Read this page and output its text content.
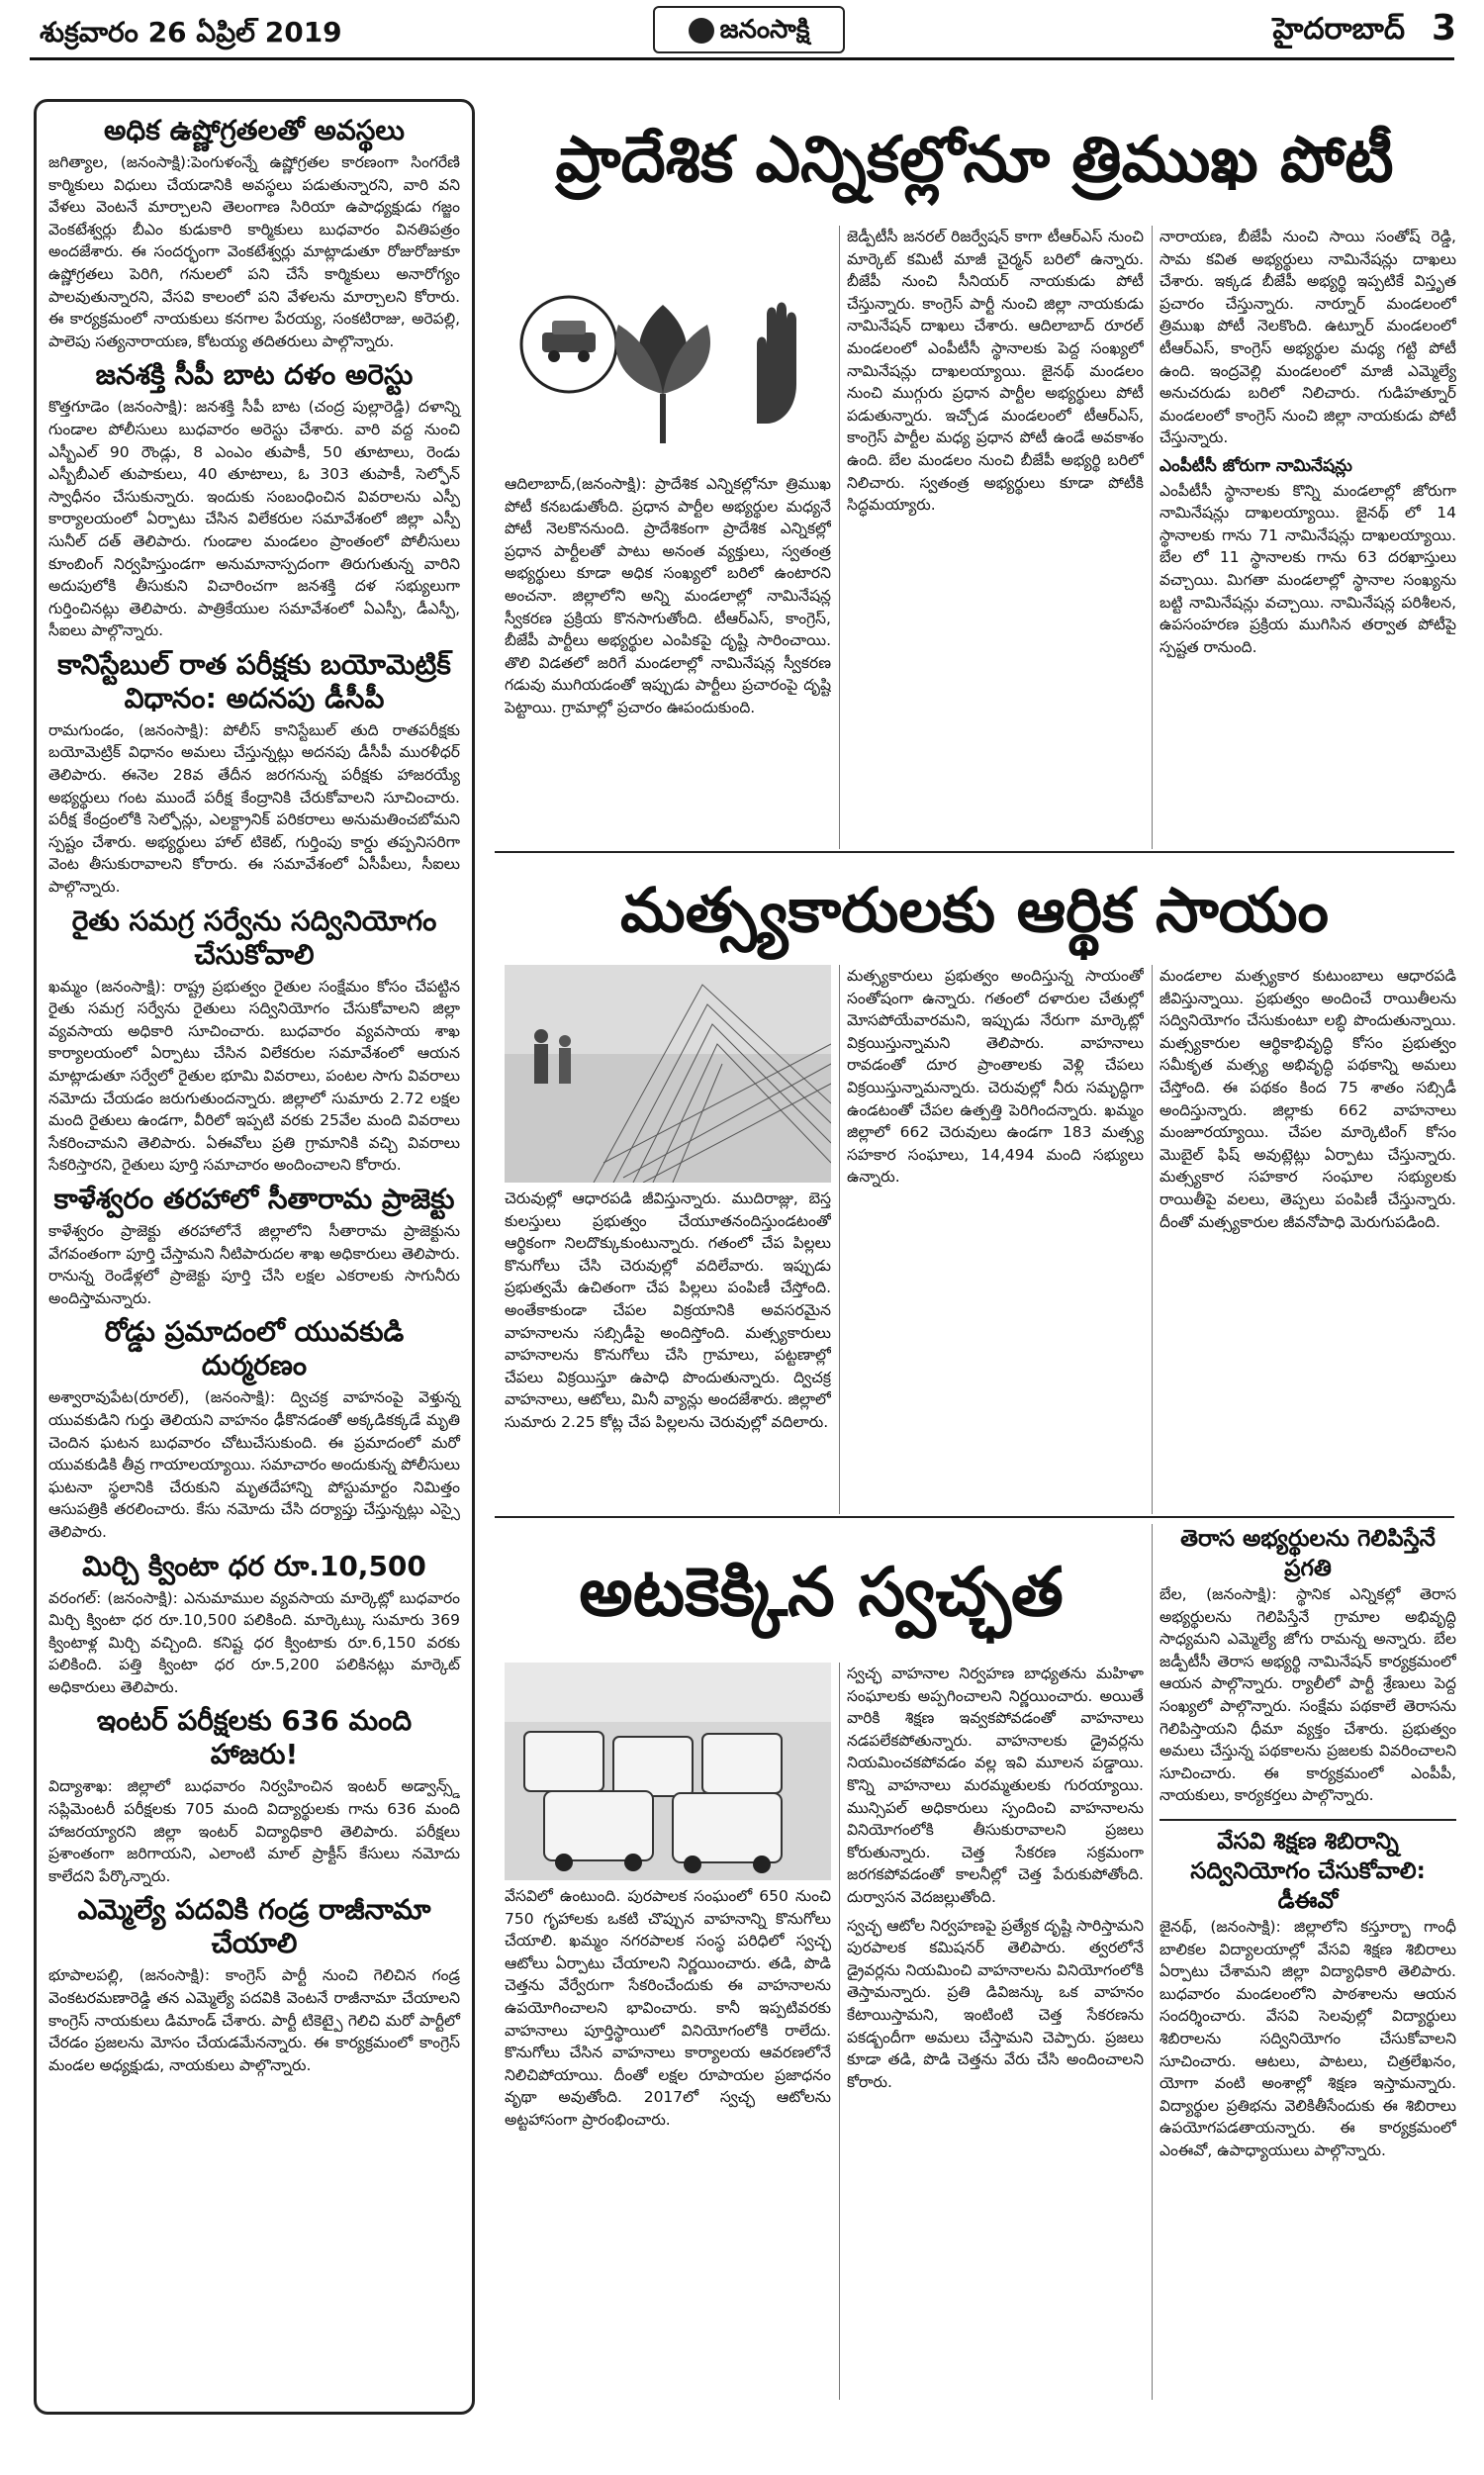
శుక్రవారం 26 ఏప్రిల్ 2019	జనంసాక్షి	హైదరాబాద్ 3
అధిక ఉష్ణోగ్రతలతో అవస్థలు

జగిత్యాల, (జనంసాక్షి):పెంగుళంన్నే ఉష్ణోగ్రతల కారణంగా సింగరేణి కార్మికులు విధులు చేయడానికి అవస్థలు పడుతున్నారని, వారి వని వేళలు వెంటనే మార్చాలని తెలంగాణ సిరియా ఉపాధ్యక్షుడు గజ్జం వెంకటేశ్వర్లు బీఎం కుడుకారి కార్మికులు బుధవారం వినతిపత్రం అందజేశారు. ఈ సందర్భంగా వెంకటేశ్వర్లు మాట్లాడుతూ రోజురోజుకూ ఉష్ణోగ్రతలు పెరిగి, గనులలో పని చేసే కార్మికులు అనారోగ్యం పాలవుతున్నారని, వేసవి కాలంలో పని వేళలను మార్చాలని కోరారు. ఈ కార్యక్రమంలో నాయకులు కనగాల పేరయ్య, సంకటిరాజు, అరెపల్లి, పాలెపు సత్యనారాయణ, కోటయ్య తదితరులు పాల్గొన్నారు.

జనశక్తి సీపీ బాట దళం అరెస్టు

కొత్తగూడెం (జనంసాక్షి): జనశక్తి సీపీ బాట (చంద్ర పుల్లారెడ్డి) దళాన్ని గుండాల పోలీసులు బుధవారం అరెస్టు చేశారు. వారి వద్ద నుంచి ఎస్బీఎల్ 90 రౌండ్లు, 8 ఎంఎం తుపాకీ, 50 తూటాలు, రెండు ఎస్బీబీఎల్ తుపాకులు, 40 తూటాలు, ఓ 303 తుపాకీ, సెల్ఫోన్ స్వాధీనం చేసుకున్నారు. ఇందుకు సంబంధించిన వివరాలను ఎస్పీ కార్యాలయంలో ఏర్పాటు చేసిన విలేకరుల సమావేశంలో జిల్లా ఎస్పీ సునీల్ దత్ తెలిపారు. గుండాల మండలం ప్రాంతంలో పోలీసులు కూంబింగ్ నిర్వహిస్తుండగా అనుమానాస్పదంగా తిరుగుతున్న వారిని అదుపులోకి తీసుకుని విచారించగా జనశక్తి దళ సభ్యులుగా గుర్తించినట్లు తెలిపారు. పాత్రికేయుల సమావేశంలో ఏఎస్పీ, డీఎస్పీ, సీఐలు పాల్గొన్నారు.

కానిస్టేబుల్ రాత పరీక్షకు బయోమెట్రిక్ విధానం: అదనపు డీసీపీ

రామగుండం, (జనంసాక్షి): పోలీస్ కానిస్టేబుల్ తుది రాతపరీక్షకు బయోమెట్రిక్ విధానం అమలు చేస్తున్నట్లు అదనపు డీసీపీ మురళీధర్ తెలిపారు. ఈనెల 28వ తేదీన జరగనున్న పరీక్షకు హాజరయ్యే అభ్యర్థులు గంట ముందే పరీక్ష కేంద్రానికి చేరుకోవాలని సూచించారు. పరీక్ష కేంద్రంలోకి సెల్ఫోన్లు, ఎలక్ట్రానిక్ పరికరాలు అనుమతించబోమని స్పష్టం చేశారు. అభ్యర్థులు హాల్ టికెట్, గుర్తింపు కార్డు తప్పనిసరిగా వెంట తీసుకురావాలని కోరారు. ఈ సమావేశంలో ఏసీపీలు, సీఐలు పాల్గొన్నారు.

రైతు సమగ్ర సర్వేను సద్వినియోగం చేసుకోవాలి

ఖమ్మం (జనంసాక్షి): రాష్ట్ర ప్రభుత్వం రైతుల సంక్షేమం కోసం చేపట్టిన రైతు సమగ్ర సర్వేను రైతులు సద్వినియోగం చేసుకోవాలని జిల్లా వ్యవసాయ అధికారి సూచించారు. బుధవారం వ్యవసాయ శాఖ కార్యాలయంలో ఏర్పాటు చేసిన విలేకరుల సమావేశంలో ఆయన మాట్లాడుతూ సర్వేలో రైతుల భూమి వివరాలు, పంటల సాగు వివరాలు నమోదు చేయడం జరుగుతుందన్నారు. జిల్లాలో సుమారు 2.72 లక్షల మంది రైతులు ఉండగా, వీరిలో ఇప్పటి వరకు 25వేల మంది వివరాలు సేకరించామని తెలిపారు. ఏఈవోలు ప్రతి గ్రామానికి వచ్చి వివరాలు సేకరిస్తారని, రైతులు పూర్తి సమాచారం అందించాలని కోరారు.

కాళేశ్వరం తరహాలో సీతారామ ప్రాజెక్టు

కాళేశ్వరం ప్రాజెక్టు తరహాలోనే జిల్లాలోని సీతారామ ప్రాజెక్టును వేగవంతంగా పూర్తి చేస్తామని నీటిపారుదల శాఖ అధికారులు తెలిపారు. రానున్న రెండేళ్లలో ప్రాజెక్టు పూర్తి చేసి లక్షల ఎకరాలకు సాగునీరు అందిస్తామన్నారు.

రోడ్డు ప్రమాదంలో యువకుడి దుర్మరణం

అశ్వారావుపేట(రూరల్), (జనంసాక్షి): ద్విచక్ర వాహనంపై వెళ్తున్న యువకుడిని గుర్తు తెలియని వాహనం ఢీకొనడంతో అక్కడికక్కడే మృతి చెందిన ఘటన బుధవారం చోటుచేసుకుంది. ఈ ప్రమాదంలో మరో యువకుడికి తీవ్ర గాయాలయ్యాయి. సమాచారం అందుకున్న పోలీసులు ఘటనా స్థలానికి చేరుకుని మృతదేహాన్ని పోస్టుమార్టం నిమిత్తం ఆసుపత్రికి తరలించారు. కేసు నమోదు చేసి దర్యాప్తు చేస్తున్నట్లు ఎస్సై తెలిపారు.

మిర్చి క్వింటా ధర రూ.10,500

వరంగల్: (జనంసాక్షి): ఎనుమాముల వ్యవసాయ మార్కెట్లో బుధవారం మిర్చి క్వింటా ధర రూ.10,500 పలికింది. మార్కెట్కు సుమారు 369 క్వింటాళ్ల మిర్చి వచ్చింది. కనిష్ట ధర క్వింటాకు రూ.6,150 వరకు పలికింది. పత్తి క్వింటా ధర రూ.5,200 పలికినట్లు మార్కెట్ అధికారులు తెలిపారు.

ఇంటర్ పరీక్షలకు 636 మంది హాజరు!

విద్యాశాఖ: జిల్లాలో బుధవారం నిర్వహించిన ఇంటర్ అడ్వాన్స్డ్ సప్లిమెంటరీ పరీక్షలకు 705 మంది విద్యార్థులకు గాను 636 మంది హాజరయ్యారని జిల్లా ఇంటర్ విద్యాధికారి తెలిపారు. పరీక్షలు ప్రశాంతంగా జరిగాయని, ఎలాంటి మాల్ ప్రాక్టీస్ కేసులు నమోదు కాలేదని పేర్కొన్నారు.

ఎమ్మెల్యే పదవికి గండ్ర రాజీనామా చేయాలి

భూపాలపల్లి, (జనంసాక్షి): కాంగ్రెస్ పార్టీ నుంచి గెలిచిన గండ్ర వెంకటరమణారెడ్డి తన ఎమ్మెల్యే పదవికి వెంటనే రాజీనామా చేయాలని కాంగ్రెస్ నాయకులు డిమాండ్ చేశారు. పార్టీ టికెట్పై గెలిచి మరో పార్టీలో చేరడం ప్రజలను మోసం చేయడమేనన్నారు. ఈ కార్యక్రమంలో కాంగ్రెస్ మండల అధ్యక్షుడు, నాయకులు పాల్గొన్నారు.

ప్రాదేశిక ఎన్నికల్లోనూ త్రిముఖ పోటీ

ఆదిలాబాద్,(జనంసాక్షి): ప్రాదేశిక ఎన్నికల్లోనూ త్రిముఖ పోటీ కనబడుతోంది. ప్రధాన పార్టీల అభ్యర్థుల మధ్యనే పోటీ నెలకొననుంది. ప్రాదేశికంగా ప్రాదేశిక ఎన్నికల్లో ప్రధాన పార్టీలతో పాటు అనంత వ్యక్తులు, స్వతంత్ర అభ్యర్థులు కూడా అధిక సంఖ్యలో బరిలో ఉంటారని అంచనా. జిల్లాలోని అన్ని మండలాల్లో నామినేషన్ల స్వీకరణ ప్రక్రియ కొనసాగుతోంది. టీఆర్ఎస్, కాంగ్రెస్, బీజేపీ పార్టీలు అభ్యర్థుల ఎంపికపై దృష్టి సారించాయి. తొలి విడతలో జరిగే మండలాల్లో నామినేషన్ల స్వీకరణ గడువు ముగియడంతో ఇప్పుడు పార్టీలు ప్రచారంపై దృష్టి పెట్టాయి. గ్రామాల్లో ప్రచారం ఊపందుకుంది.

జెడ్పీటీసీ జనరల్ రిజర్వేషన్ కాగా టీఆర్ఎస్ నుంచి మార్కెట్ కమిటీ మాజీ చైర్మన్ బరిలో ఉన్నారు. బీజేపీ నుంచి సీనియర్ నాయకుడు పోటీ చేస్తున్నారు. కాంగ్రెస్ పార్టీ నుంచి జిల్లా నాయకుడు నామినేషన్ దాఖలు చేశారు. ఆదిలాబాద్ రూరల్ మండలంలో ఎంపీటీసీ స్థానాలకు పెద్ద సంఖ్యలో నామినేషన్లు దాఖలయ్యాయి. జైనథ్ మండలం నుంచి ముగ్గురు ప్రధాన పార్టీల అభ్యర్థులు పోటీ పడుతున్నారు. ఇచ్చోడ మండలంలో టీఆర్ఎస్, కాంగ్రెస్ పార్టీల మధ్య ప్రధాన పోటీ ఉండే అవకాశం ఉంది. బేల మండలం నుంచి బీజేపీ అభ్యర్థి బరిలో నిలిచారు. స్వతంత్ర అభ్యర్థులు కూడా పోటీకి సిద్ధమయ్యారు.

నారాయణ, బీజేపీ నుంచి సాయి సంతోష్ రెడ్డి, సామ కవిత అభ్యర్థులు నామినేషన్లు దాఖలు చేశారు. ఇక్కడ బీజేపీ అభ్యర్థి ఇప్పటికే విస్తృత ప్రచారం చేస్తున్నారు. నార్నూర్ మండలంలో త్రిముఖ పోటీ నెలకొంది. ఉట్నూర్ మండలంలో టీఆర్ఎస్, కాంగ్రెస్ అభ్యర్థుల మధ్య గట్టి పోటీ ఉంది. ఇంద్రవెల్లి మండలంలో మాజీ ఎమ్మెల్యే అనుచరుడు బరిలో నిలిచారు. గుడిహత్నూర్ మండలంలో కాంగ్రెస్ నుంచి జిల్లా నాయకుడు పోటీ చేస్తున్నారు.

ఎంపీటీసీ జోరుగా నామినేషన్లు

ఎంపీటీసీ స్థానాలకు కొన్ని మండలాల్లో జోరుగా నామినేషన్లు దాఖలయ్యాయి. జైనథ్ లో 14 స్థానాలకు గాను 71 నామినేషన్లు దాఖలయ్యాయి. బేల లో 11 స్థానాలకు గాను 63 దరఖాస్తులు వచ్చాయి. మిగతా మండలాల్లో స్థానాల సంఖ్యను బట్టి నామినేషన్లు వచ్చాయి. నామినేషన్ల పరిశీలన, ఉపసంహరణ ప్రక్రియ ముగిసిన తర్వాత పోటీపై స్పష్టత రానుంది.

మత్స్యకారులకు ఆర్థిక సాయం

చెరువుల్లో ఆధారపడి జీవిస్తున్నారు. ముదిరాజ్లు, బెస్త కులస్తులు ప్రభుత్వం చేయూతనందిస్తుండటంతో ఆర్థికంగా నిలదొక్కుకుంటున్నారు. గతంలో చేప పిల్లలు కొనుగోలు చేసి చెరువుల్లో వదిలేవారు. ఇప్పుడు ప్రభుత్వమే ఉచితంగా చేప పిల్లలు పంపిణీ చేస్తోంది. అంతేకాకుండా చేపల విక్రయానికి అవసరమైన వాహనాలను సబ్సిడీపై అందిస్తోంది. మత్స్యకారులు వాహనాలను కొనుగోలు చేసి గ్రామాలు, పట్టణాల్లో చేపలు విక్రయిస్తూ ఉపాధి పొందుతున్నారు. ద్విచక్ర వాహనాలు, ఆటోలు, మినీ వ్యాన్లు అందజేశారు. జిల్లాలో సుమారు 2.25 కోట్ల చేప పిల్లలను చెరువుల్లో వదిలారు.

మత్స్యకారులు ప్రభుత్వం అందిస్తున్న సాయంతో సంతోషంగా ఉన్నారు. గతంలో దళారుల చేతుల్లో మోసపోయేవారమని, ఇప్పుడు నేరుగా మార్కెట్లో విక్రయిస్తున్నామని తెలిపారు. వాహనాలు రావడంతో దూర ప్రాంతాలకు వెళ్లి చేపలు విక్రయిస్తున్నామన్నారు. చెరువుల్లో నీరు సమృద్ధిగా ఉండటంతో చేపల ఉత్పత్తి పెరిగిందన్నారు. ఖమ్మం జిల్లాలో 662 చెరువులు ఉండగా 183 మత్స్య సహకార సంఘాలు, 14,494 మంది సభ్యులు ఉన్నారు.

మండలాల మత్స్యకార కుటుంబాలు ఆధారపడి జీవిస్తున్నాయి. ప్రభుత్వం అందించే రాయితీలను సద్వినియోగం చేసుకుంటూ లబ్ధి పొందుతున్నాయి. మత్స్యకారుల ఆర్థికాభివృద్ధి కోసం ప్రభుత్వం సమీకృత మత్స్య అభివృద్ధి పథకాన్ని అమలు చేస్తోంది. ఈ పథకం కింద 75 శాతం సబ్సిడీ అందిస్తున్నారు. జిల్లాకు 662 వాహనాలు మంజూరయ్యాయి. చేపల మార్కెటింగ్ కోసం మొబైల్ ఫిష్ అవుట్లెట్లు ఏర్పాటు చేస్తున్నారు. మత్స్యకార సహకార సంఘాల సభ్యులకు రాయితీపై వలలు, తెప్పలు పంపిణీ చేస్తున్నారు. దీంతో మత్స్యకారుల జీవనోపాధి మెరుగుపడింది.

అటకెక్కిన స్వచ్ఛత

వేసవిలో ఉంటుంది. పురపాలక సంఘంలో 650 నుంచి 750 గృహాలకు ఒకటి చొప్పున వాహనాన్ని కొనుగోలు చేయాలి. ఖమ్మం నగరపాలక సంస్థ పరిధిలో స్వచ్ఛ ఆటోలు ఏర్పాటు చేయాలని నిర్ణయించారు. తడి, పొడి చెత్తను వేర్వేరుగా సేకరించేందుకు ఈ వాహనాలను ఉపయోగించాలని భావించారు. కానీ ఇప్పటివరకు వాహనాలు పూర్తిస్థాయిలో వినియోగంలోకి రాలేదు. కొనుగోలు చేసిన వాహనాలు కార్యాలయ ఆవరణలోనే నిలిచిపోయాయి. దీంతో లక్షల రూపాయల ప్రజాధనం వృథా అవుతోంది. 2017లో స్వచ్ఛ ఆటోలను అట్టహాసంగా ప్రారంభించారు.

స్వచ్ఛ వాహనాల నిర్వహణ బాధ్యతను మహిళా సంఘాలకు అప్పగించాలని నిర్ణయించారు. అయితే వారికి శిక్షణ ఇవ్వకపోవడంతో వాహనాలు నడపలేకపోతున్నారు. వాహనాలకు డ్రైవర్లను నియమించకపోవడం వల్ల ఇవి మూలన పడ్డాయి. కొన్ని వాహనాలు మరమ్మతులకు గురయ్యాయి. మున్సిపల్ అధికారులు స్పందించి వాహనాలను వినియోగంలోకి తీసుకురావాలని ప్రజలు కోరుతున్నారు. చెత్త సేకరణ సక్రమంగా జరగకపోవడంతో కాలనీల్లో చెత్త పేరుకుపోతోంది. దుర్వాసన వెదజల్లుతోంది.

స్వచ్ఛ ఆటోల నిర్వహణపై ప్రత్యేక దృష్టి సారిస్తామని పురపాలక కమిషనర్ తెలిపారు. త్వరలోనే డ్రైవర్లను నియమించి వాహనాలను వినియోగంలోకి తెస్తామన్నారు. ప్రతి డివిజన్కు ఒక వాహనం కేటాయిస్తామని, ఇంటింటి చెత్త సేకరణను పకడ్బందీగా అమలు చేస్తామని చెప్పారు. ప్రజలు కూడా తడి, పొడి చెత్తను వేరు చేసి అందించాలని కోరారు.

తెరాస అభ్యర్థులను గెలిపిస్తేనే ప్రగతి

బేల, (జనంసాక్షి): స్థానిక ఎన్నికల్లో తెరాస అభ్యర్థులను గెలిపిస్తేనే గ్రామాల అభివృద్ధి సాధ్యమని ఎమ్మెల్యే జోగు రామన్న అన్నారు. బేల జడ్పీటీసీ తెరాస అభ్యర్థి నామినేషన్ కార్యక్రమంలో ఆయన పాల్గొన్నారు. ర్యాలీలో పార్టీ శ్రేణులు పెద్ద సంఖ్యలో పాల్గొన్నారు. సంక్షేమ పథకాలే తెరాసను గెలిపిస్తాయని ధీమా వ్యక్తం చేశారు. ప్రభుత్వం అమలు చేస్తున్న పథకాలను ప్రజలకు వివరించాలని సూచించారు. ఈ కార్యక్రమంలో ఎంపీపీ, నాయకులు, కార్యకర్తలు పాల్గొన్నారు.

వేసవి శిక్షణ శిబిరాన్ని సద్వినియోగం చేసుకోవాలి: డీఈవో

జైనథ్, (జనంసాక్షి): జిల్లాలోని కస్తూర్బా గాంధీ బాలికల విద్యాలయాల్లో వేసవి శిక్షణ శిబిరాలు ఏర్పాటు చేశామని జిల్లా విద్యాధికారి తెలిపారు. బుధవారం మండలంలోని పాఠశాలను ఆయన సందర్శించారు. వేసవి సెలవుల్లో విద్యార్థులు శిబిరాలను సద్వినియోగం చేసుకోవాలని సూచించారు. ఆటలు, పాటలు, చిత్రలేఖనం, యోగా వంటి అంశాల్లో శిక్షణ ఇస్తామన్నారు. విద్యార్థుల ప్రతిభను వెలికితీసేందుకు ఈ శిబిరాలు ఉపయోగపడతాయన్నారు. ఈ కార్యక్రమంలో ఎంఈవో, ఉపాధ్యాయులు పాల్గొన్నారు.
